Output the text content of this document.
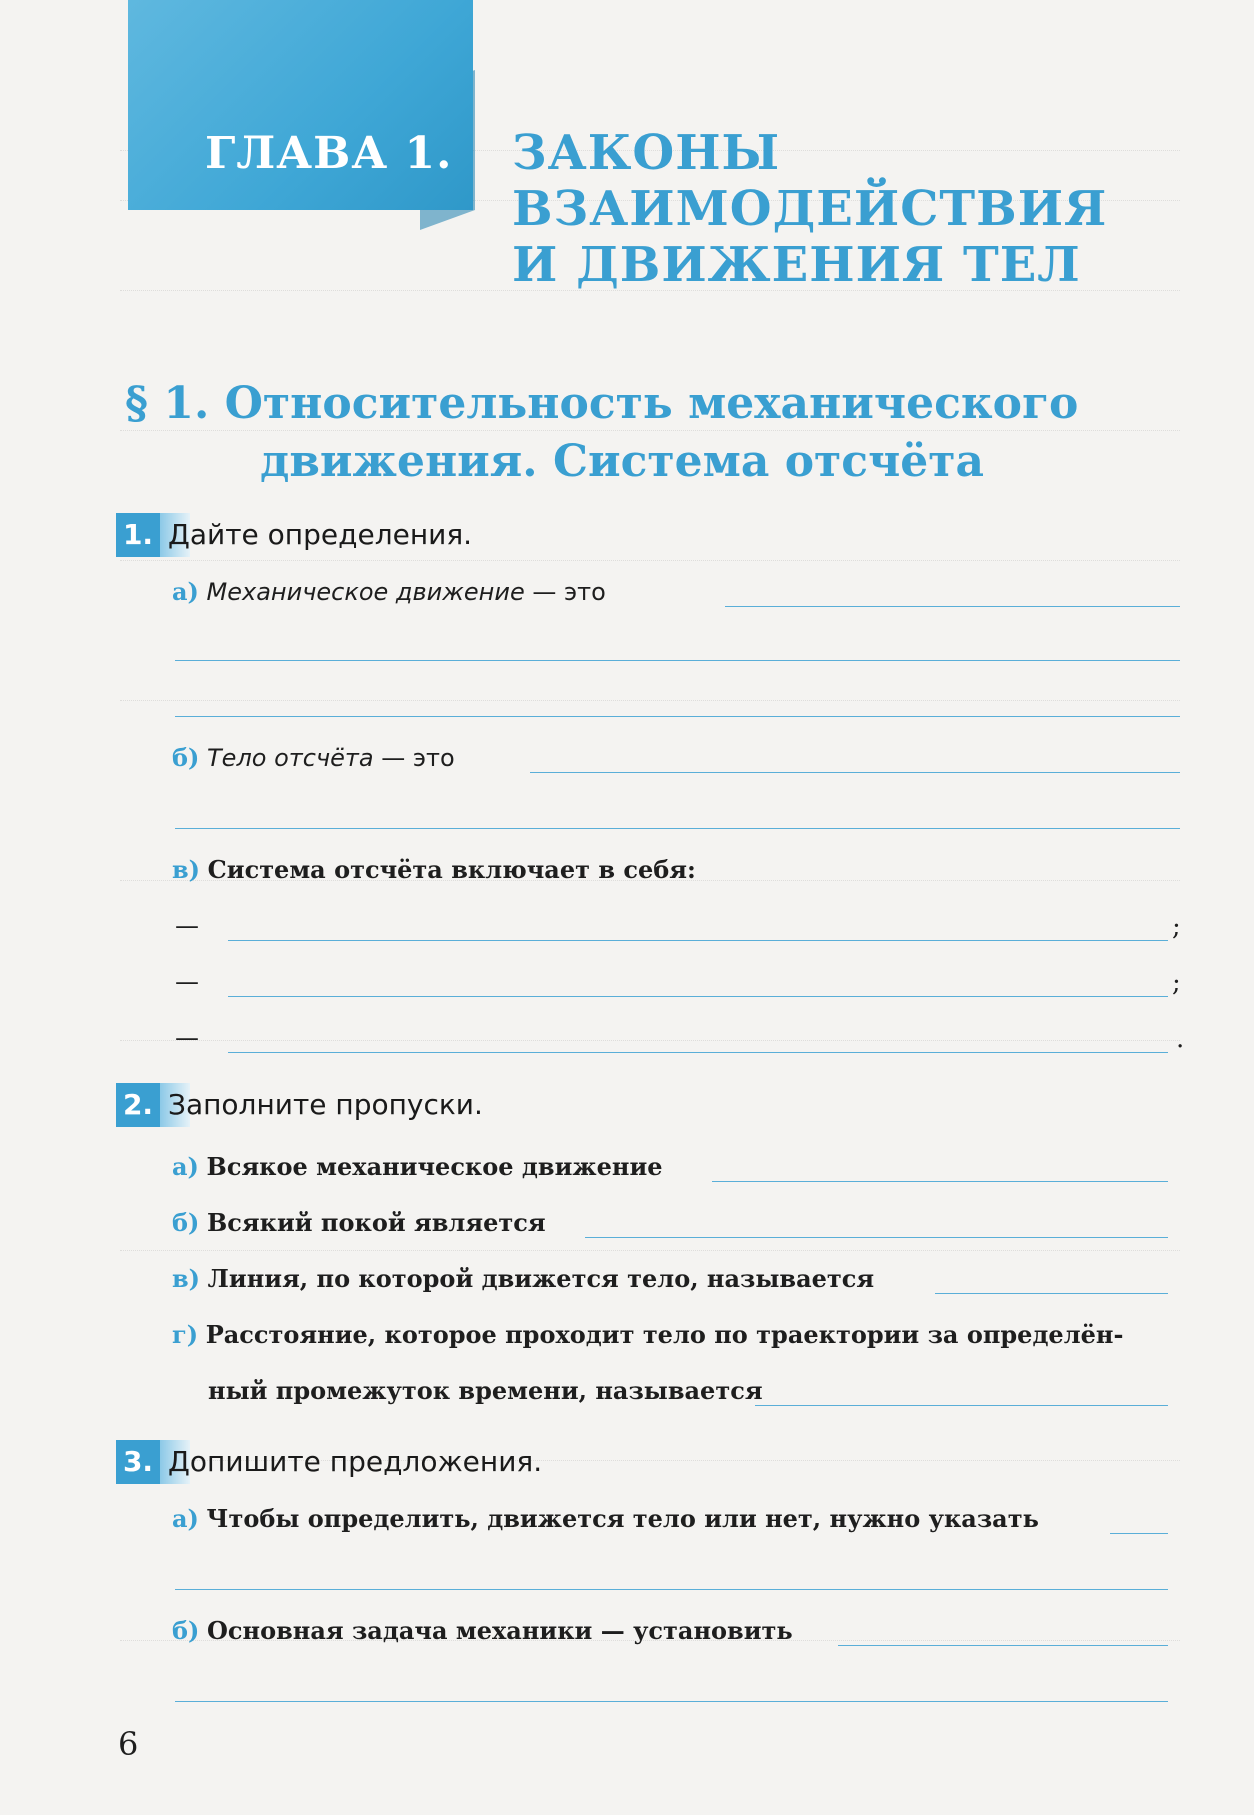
ГЛАВА 1. ЗАКОНЫ
ВЗАИМОДЕЙСТВИЯ
И ДВИЖЕНИЯ ТЕЛ
§ 1. Относительность механического
движения. Система отсчёта
1. Дайте определения.
а) Механическое движение — это
б) Тело отсчёта — это
в) Система отсчёта включает в себя:
—	;
—	;
—	.
2. Заполните пропуски.
а) Всякое механическое движение
б) Всякий покой является
в) Линия, по которой движется тело, называется
г) Расстояние, которое проходит тело по траектории за определён-
ный промежуток времени, называется
3. Допишите предложения.
а) Чтобы определить, движется тело или нет, нужно указать
б) Основная задача механики — установить
6
